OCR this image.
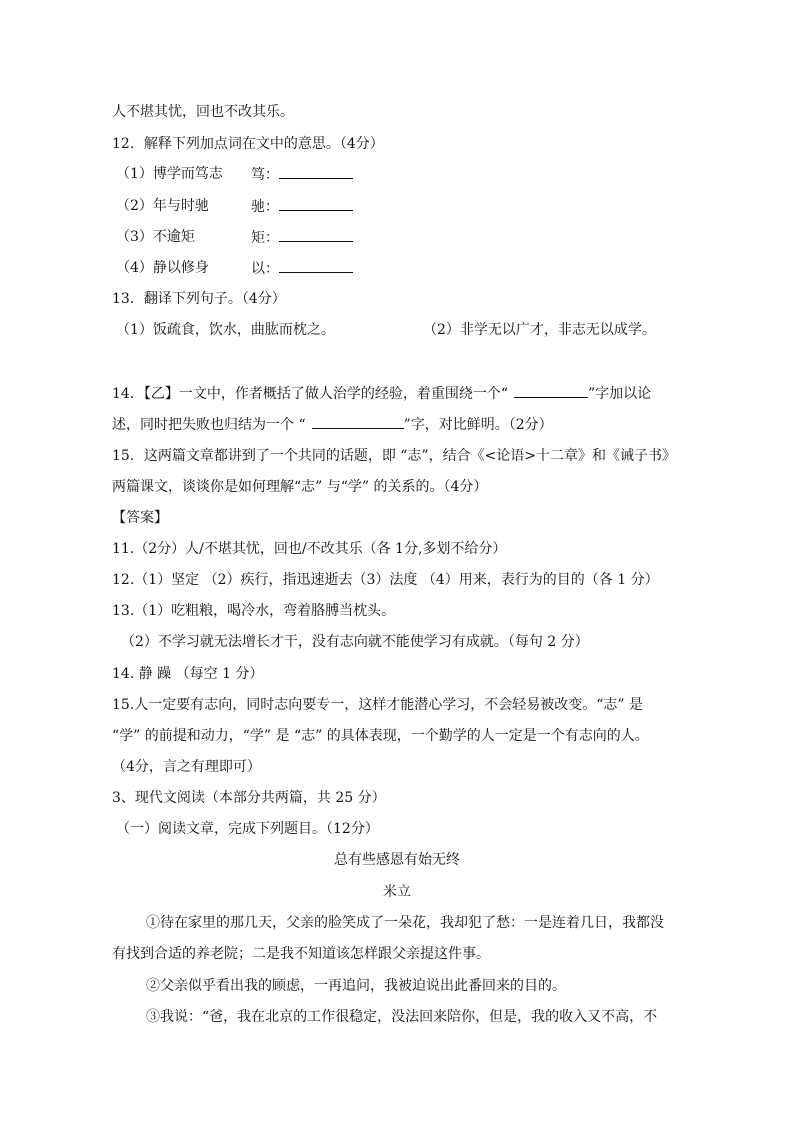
人不堪其忧，回也不改其乐。
12．解释下列加点词在文中的意思。（4分）
（1）博学而笃志 笃：
（2）年与时驰	驰：
（3）不逾矩	矩：
（4）静以修身	以：
13．翻译下列句子。（4分）
（1）饭疏食，饮水，曲肱而枕之。	（2）非学无以广才，非志无以成学。
14．【乙】一文中，作者概括了做人治学的经验，着重围绕一个“	”字加以论
述，同时把失败也归结为一个 “	”字，对比鲜明。（2分）
15．这两篇文章都讲到了一个共同的话题，即 “志”，结合《<论语>十二章》和《诫子书》
两篇课文，谈谈你是如何理解“志” 与“学” 的关系的。（4分）
【答案】
11.（2分）人/不堪其忧，回也/不改其乐（各 1分,多划不给分）
12.（1）坚定 （2）疾行，指迅速逝去（3）法度 （4）用来，表行为的目的（各 1 分）
13.（1）吃粗粮，喝冷水，弯着胳膊当枕头。
（2）不学习就无法增长才干，没有志向就不能使学习有成就。（每句 2 分）
14. 静 躁 （每空 1 分）
15.人一定要有志向，同时志向要专一，这样才能潜心学习，不会轻易被改变。“志” 是
“学” 的前提和动力，“学” 是 “志” 的具体表现，一个勤学的人一定是一个有志向的人。
（4分，言之有理即可）
3、现代文阅读（本部分共两篇，共 25 分）
（一）阅读文章，完成下列题目。（12分）
总有些感恩有始无终
米立
①待在家里的那几天，父亲的脸笑成了一朵花，我却犯了愁：一是连着几日，我都没
有找到合适的养老院；二是我不知道该怎样跟父亲提这件事。
②父亲似乎看出我的顾虑，一再追问，我被迫说出此番回来的目的。
③我说：“爸，我在北京的工作很稳定，没法回来陪你，但是，我的收入又不高，不
